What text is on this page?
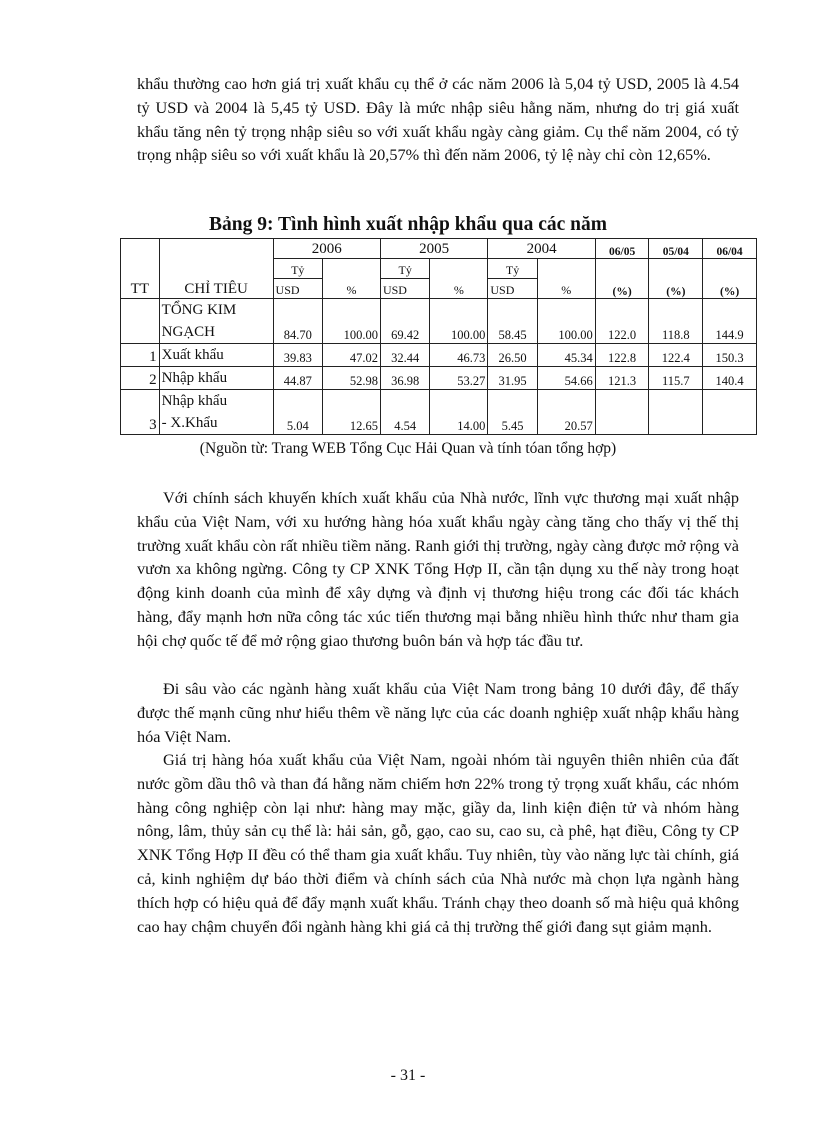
khẩu thường cao hơn giá trị xuất khẩu cụ thể ở các năm 2006 là 5,04 tỷ USD, 2005 là 4.54 tỷ USD và 2004 là 5,45 tỷ USD. Đây là mức nhập siêu hằng năm, nhưng do trị giá xuất khẩu tăng nên tỷ trọng nhập siêu so với xuất khẩu ngày càng giảm. Cụ thể năm 2004, có tỷ trọng nhập siêu so với xuất khẩu là 20,57% thì đến năm 2006, tỷ lệ này chỉ còn 12,65%.

Bảng 9: Tình hình xuất nhập khẩu qua các năm

TT	CHỈ TIÊU	2006		2005		2004		06/05	05/04	06/04
		Tỷ	%	Tỷ	%	Tỷ	%	(%)	(%)	(%)
		USD		USD		USD				

	TỔNG KIM
NGẠCH	84.70	100.00	69.42	100.00	58.45	100.00	122.0	118.8	144.9
1	Xuất khẩu	39.83	47.02	32.44	46.73	26.50	45.34	122.8	122.4	150.3
2	Nhập khẩu	44.87	52.98	36.98	53.27	31.95	54.66	121.3	115.7	140.4
3	Nhập khẩu
- X.Khẩu	5.04	12.65	4.54	14.00	5.45	20.57			

(Nguồn từ: Trang WEB Tổng Cục Hải Quan và tính tóan tổng hợp)

Với chính sách khuyến khích xuất khẩu của Nhà nước, lĩnh vực thương mại xuất nhập khẩu của Việt Nam, với xu hướng hàng hóa xuất khẩu ngày càng tăng cho thấy vị thế thị trường xuất khẩu còn rất nhiều tiềm năng. Ranh giới thị trường, ngày càng được mở rộng và vươn xa không ngừng. Công ty CP XNK Tổng Hợp II, cần tận dụng xu thế này trong hoạt động kinh doanh của mình để xây dựng và định vị thương hiệu trong các đối tác khách hàng, đẩy mạnh hơn nữa công tác xúc tiến thương mại bằng nhiều hình thức như tham gia hội chợ quốc tế để mở rộng giao thương buôn bán và hợp tác đầu tư.

Đi sâu vào các ngành hàng xuất khẩu của Việt Nam trong bảng 10 dưới đây, để thấy được thế mạnh cũng như hiểu thêm về năng lực của các doanh nghiệp xuất nhập khẩu hàng hóa Việt Nam.

Giá trị hàng hóa xuất khẩu của Việt Nam, ngoài nhóm tài nguyên thiên nhiên của đất nước gồm dầu thô và than đá hằng năm chiếm hơn 22% trong tỷ trọng xuất khẩu, các nhóm hàng công nghiệp còn lại như: hàng may mặc, giầy da, linh kiện điện tử và nhóm hàng nông, lâm, thủy sản cụ thể là: hải sản, gỗ, gạo, cao su, cao su, cà phê, hạt điều, Công ty CP XNK Tổng Hợp II đều có thể tham gia xuất khẩu. Tuy nhiên, tùy vào năng lực tài chính, giá cả, kinh nghiệm dự báo thời điểm và chính sách của Nhà nước mà chọn lựa ngành hàng thích hợp có hiệu quả để đẩy mạnh xuất khẩu. Tránh chạy theo doanh số mà hiệu quả không cao hay chậm chuyển đổi ngành hàng khi giá cả thị trường thế giới đang sụt giảm mạnh.

- 31 -
